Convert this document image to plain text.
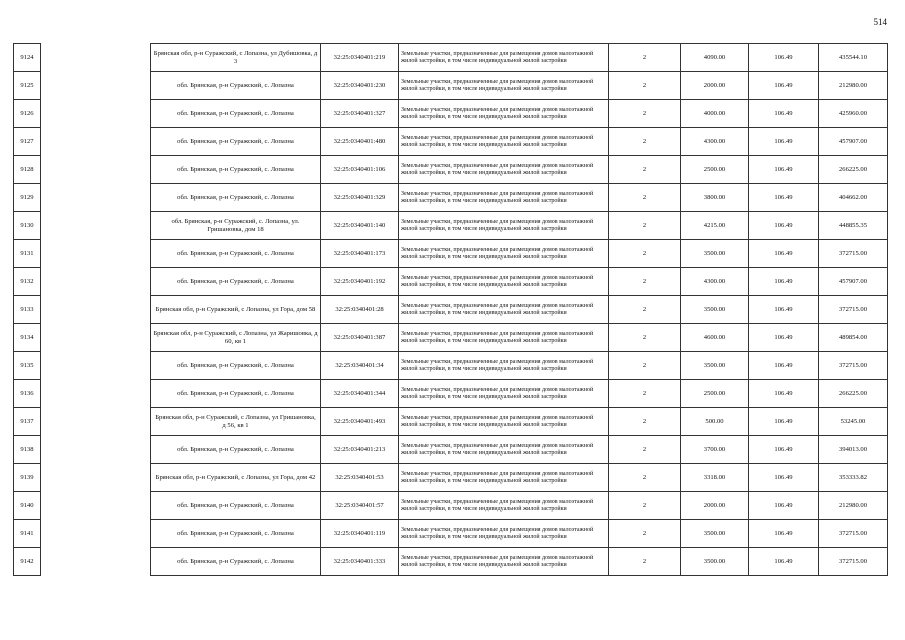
514
9124		Брянская обл, р-н Суражский, с Лопазна, ул Дубишовка, д 3	32:25:0340401:219	Земельные участки, предназначенные для размещения домов малоэтажной жилой застройки, в том числе индивидуальной жилой застройки	2	4090.00	106.49	435544.10
9125		обл. Брянская, р-н Суражский, с. Лопазна	32:25:0340401:230	Земельные участки, предназначенные для размещения домов малоэтажной жилой застройки, в том числе индивидуальной жилой застройки	2	2000.00	106.49	212980.00
9126		обл. Брянская, р-н Суражский, с. Лопазна	32:25:0340401:327	Земельные участки, предназначенные для размещения домов малоэтажной жилой застройки, в том числе индивидуальной жилой застройки	2	4000.00	106.49	425960.00
9127		обл. Брянская, р-н Суражский, с. Лопазна	32:25:0340401:480	Земельные участки, предназначенные для размещения домов малоэтажной жилой застройки, в том числе индивидуальной жилой застройки	2	4300.00	106.49	457907.00
9128		обл. Брянская, р-н Суражский, с. Лопазна	32:25:0340401:106	Земельные участки, предназначенные для размещения домов малоэтажной жилой застройки, в том числе индивидуальной жилой застройки	2	2500.00	106.49	266225.00
9129		обл. Брянская, р-н Суражский, с. Лопазна	32:25:0340401:329	Земельные участки, предназначенные для размещения домов малоэтажной жилой застройки, в том числе индивидуальной жилой застройки	2	3800.00	106.49	404662.00
9130		обл. Брянская, р-н Суражский, с. Лопазна, ул. Гришановка, дом 18	32:25:0340401:140	Земельные участки, предназначенные для размещения домов малоэтажной жилой застройки, в том числе индивидуальной жилой застройки	2	4215.00	106.49	448855.35
9131		обл. Брянская, р-н Суражский, с. Лопазна	32:25:0340401:173	Земельные участки, предназначенные для размещения домов малоэтажной жилой застройки, в том числе индивидуальной жилой застройки	2	3500.00	106.49	372715.00
9132		обл. Брянская, р-н Суражский, с. Лопазна	32:25:0340401:192	Земельные участки, предназначенные для размещения домов малоэтажной жилой застройки, в том числе индивидуальной жилой застройки	2	4300.00	106.49	457907.00
9133		Брянская обл, р-н Суражский, с Лопазна, ул Гора, дом 58	32:25:0340401:28	Земельные участки, предназначенные для размещения домов малоэтажной жилой застройки, в том числе индивидуальной жилой застройки	2	3500.00	106.49	372715.00
9134		Брянская обл, р-н Суражский, с Лопазна, ул Жаришовка, д 60, кв 1	32:25:0340401:387	Земельные участки, предназначенные для размещения домов малоэтажной жилой застройки, в том числе индивидуальной жилой застройки	2	4600.00	106.49	489854.00
9135		обл. Брянская, р-н Суражский, с. Лопазна	32:25:0340401:34	Земельные участки, предназначенные для размещения домов малоэтажной жилой застройки, в том числе индивидуальной жилой застройки	2	3500.00	106.49	372715.00
9136		обл. Брянская, р-н Суражский, с. Лопазна	32:25:0340401:344	Земельные участки, предназначенные для размещения домов малоэтажной жилой застройки, в том числе индивидуальной жилой застройки	2	2500.00	106.49	266225.00
9137		Брянская обл, р-н Суражский, с Лопазна, ул Гришановка, д 56, кв 1	32:25:0340401:493	Земельные участки, предназначенные для размещения домов малоэтажной жилой застройки, в том числе индивидуальной жилой застройки	2	500.00	106.49	53245.00
9138		обл. Брянская, р-н Суражский, с. Лопазна	32:25:0340401:213	Земельные участки, предназначенные для размещения домов малоэтажной жилой застройки, в том числе индивидуальной жилой застройки	2	3700.00	106.49	394013.00
9139		Брянская обл, р-н Суражский, с Лопазна, ул Гора, дом 42	32:25:0340401:53	Земельные участки, предназначенные для размещения домов малоэтажной жилой застройки, в том числе индивидуальной жилой застройки	2	3318.00	106.49	353333.82
9140		обл. Брянская, р-н Суражский, с. Лопазна	32:25:0340401:57	Земельные участки, предназначенные для размещения домов малоэтажной жилой застройки, в том числе индивидуальной жилой застройки	2	2000.00	106.49	212980.00
9141		обл. Брянская, р-н Суражский, с. Лопазна	32:25:0340401:119	Земельные участки, предназначенные для размещения домов малоэтажной жилой застройки, в том числе индивидуальной жилой застройки	2	3500.00	106.49	372715.00
9142		обл. Брянская, р-н Суражский, с. Лопазна	32:25:0340401:333	Земельные участки, предназначенные для размещения домов малоэтажной жилой застройки, в том числе индивидуальной жилой застройки	2	3500.00	106.49	372715.00
